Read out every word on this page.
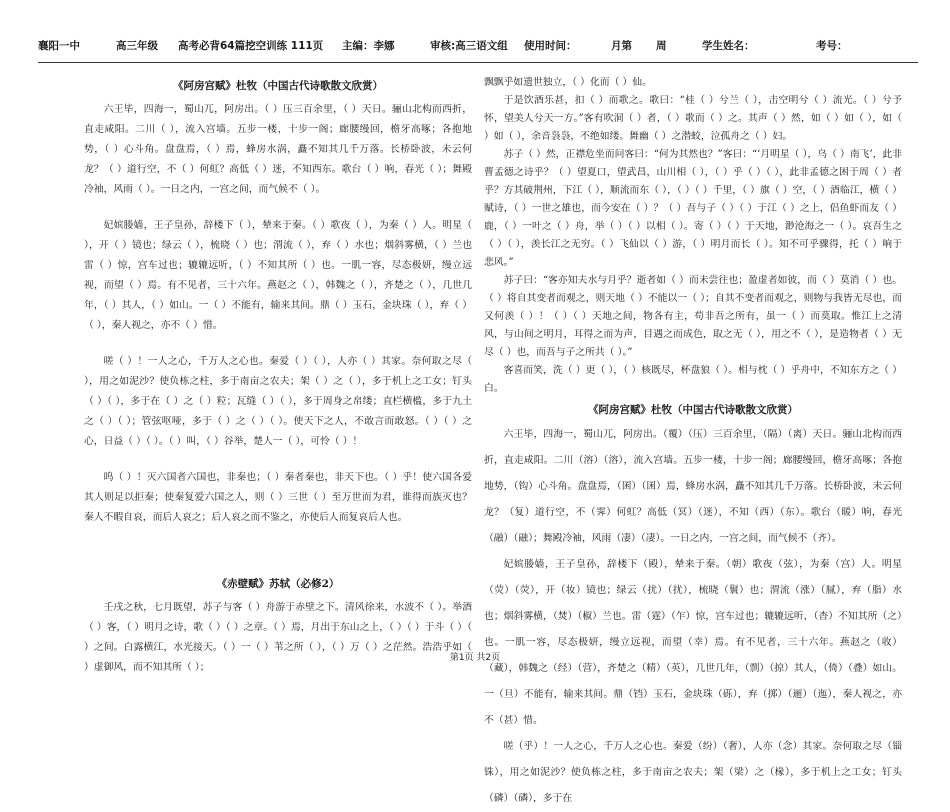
襄阳一中	高三年级 高考必背64篇挖空训练 111页 主编：李娜	审核:高三语文组 使用时间：	月第 周	学生姓名：	考号：
《阿房宫赋》杜牧（中国古代诗歌散文欣赏）

六王毕，四海一，蜀山兀，阿房出。（ ）压三百余里，（ ）天日。骊山北构而西折，直走咸阳。二川（ ），流入宫墙。五步一楼，十步一阁；廊腰缦回，檐牙高啄；各抱地势，（ ）心斗角。盘盘焉，（ ）焉，蜂房水涡，矗不知其几千万落。长桥卧波，未云何龙？（ ）道行空，不（ ）何虹？高低（ ）迷，不知西东。歌台（ ）响，春光（ ）；舞殿冷袖，风雨（ ）。一日之内，一宫之间，而气候不（ ）。

妃嫔媵嫱，王子皇孙，辞楼下（ ），辇来于秦。（ ）歌夜（ ），为秦（ ）人。明星（ ），开（ ）镜也；绿云（ ），梳晓（ ）也；渭流（ ），弃（ ）水也；烟斜雾横，（ ）兰也雷（ ）惊，宫车过也；辘辘远听，（ ）不知其所（ ）也。一肌一容，尽态极妍，缦立远视，而望（ ）焉。有不见者，三十六年。燕赵之（ ），韩魏之（ ），齐楚之（ ），几世几年，（ ）其人，（ ）如山。一（ ）不能有，输来其间。鼎（ ）玉石，金块珠（ ），弃（ ）（ ），秦人视之，亦不（ ）惜。

嗟（ ）！一人之心，千万人之心也。秦爱（ ）（ ），人亦（ ）其家。奈何取之尽（ ），用之如泥沙？使负栋之柱，多于南亩之农夫；架（ ）之（ ），多于机上之工女；钉头（ ）（ ），多于在（ ）之（ ）粒；瓦缝（ ）（ ），多于周身之帛缕；直栏横槛，多于九土之（ ）（ ）；管弦呕哑，多于（ ）之（ ）（ ）。使天下之人，不敢言而敢怒。（ ）（ ）之心，日益（ ）（ ）。（ ）叫，（ ）谷举，楚人一（ ），可怜（ ）！

呜（ ）！灭六国者六国也，非秦也；（ ）秦者秦也，非天下也。（ ）乎！使六国各爱其人则足以拒秦；使秦复爱六国之人，则（ ）三世（ ）至万世而为君，谁得而族灭也？秦人不暇自哀，而后人哀之；后人哀之而不鉴之，亦使后人而复哀后人也。

《赤壁赋》苏轼（必修2）

壬戌之秋，七月既望，苏子与客（ ）舟游于赤壁之下。清风徐来，水波不（ ）。举酒（ ）客，（ ）明月之诗，歌（ ）（ ）之章。（ ）焉，月出于东山之上，（ ）（ ）于斗（ ）（ ）之间。白露横江，水光接天。（ ）一（ ）苇之所（ ），（ ）万（ ）之茫然。浩浩乎如（ ）虚御风，而不知其所（ ）；

飘飘乎如遗世独立，（ ）化而（ ）仙。

于是饮酒乐甚，扣（ ）而歌之。歌曰：“桂（ ）兮兰（ ），击空明兮（ ）流光。（ ）兮予怀，望美人兮天一方。”客有吹洞（ ）者，（ ）歌而（ ）之。其声（ ）然，如（ ）如（ ），如（ ）如（ ），余音袅袅，不绝如缕。舞幽（ ）之潜蛟，泣孤舟之（ ）妇。

苏子（ ）然，正襟危坐而问客曰：“何为其然也？”客曰：“‘月明星（ ），乌（ ）南飞’，此非曹孟德之诗乎？（ ）望夏口，望武昌，山川相（ ），（ ）乎（ ）（ ），此非孟德之困于周（ ）者乎？方其破荆州，下江（ ），顺流而东（ ），（ ）（ ）千里，（ ）旗（ ）空，（ ）酒临江，横（ ）赋诗，（ ）一世之雄也，而今安在（ ）？（ ）吾与子（ ）（ ）于江（ ）之上，侣鱼虾而友（ ）鹿，（ ）一叶之（ ）舟，举（ ）（ ）以相（ ）。寄（ ）（ ）于天地，渺沧海之一（ ）。哀吾生之（ ）（ ），羡长江之无穷。（ ）飞仙以（ ）游，（ ）明月而长（ ）。知不可乎骤得，托（ ）响于悲风。”

苏子曰：“客亦知夫水与月乎？逝者如（ ）而未尝往也；盈虚者如彼，而（ ）莫消（ ）也。（ ）将自其变者而观之，则天地（ ）不能以一（ ）；自其不变者而观之，则物与我皆无尽也，而又何羡（ ）！（ ）（ ）天地之间，物各有主，苟非吾之所有，虽一（ ）而莫取。惟江上之清风，与山间之明月，耳得之而为声，目遇之而成色，取之无（ ），用之不（ ），是造物者（ ）无尽（ ）也，而吾与子之所共（ ）。”

客喜而笑，洗（ ）更（ ），（ ）核既尽，杯盘狼（ ）。相与枕（ ）乎舟中，不知东方之（ ）白。

《阿房宫赋》杜牧（中国古代诗歌散文欣赏）

六王毕，四海一，蜀山兀，阿房出。（覆）（压）三百余里，（隔）（离）天日。骊山北构而西折，直走咸阳。二川（溶）（溶），流入宫墙。五步一楼，十步一阁；廊腰缦回，檐牙高啄；各抱地势，（钩）心斗角。盘盘焉，（囷）（囷）焉，蜂房水涡，矗不知其几千万落。长桥卧波，未云何龙？（复）道行空，不（霁）何虹？高低（冥）（迷），不知（西）（东）。歌台（暖）响，春光（融）（融）；舞殿冷袖，风雨（凄）（凄）。一日之内，一宫之间，而气候不（齐）。

妃嫔媵嫱，王子皇孙，辞楼下（殿），辇来于秦。（朝）歌夜（弦），为秦（宫）人。明星（荧）（荧），开（妆）镜也；绿云（扰）（扰），梳晓（鬟）也；渭流（涨）（腻），弃（脂）水也；烟斜雾横，（焚）（椒）兰也。雷（霆）（乍）惊，宫车过也；辘辘远听，（杳）不知其所（之）也。一肌一容，尽态极妍，缦立远视，而望（幸）焉。有不见者，三十六年。燕赵之（收）（藏），韩魏之（经）（营），齐楚之（精）（英），几世几年，（剽）（掠）其人，（倚）（叠）如山。一（旦）不能有，输来其间。鼎（铛）玉石，金块珠（砾），弃（掷）（逦）（迤），秦人视之，亦不（甚）惜。

嗟（乎）！一人之心，千万人之心也。秦爱（纷）（奢），人亦（念）其家。奈何取之尽（锱铢），用之如泥沙？使负栋之柱，多于南亩之农夫；架（梁）之（椽），多于机上之工女；钉头（磷）（磷），多于在

第1页 共2页
